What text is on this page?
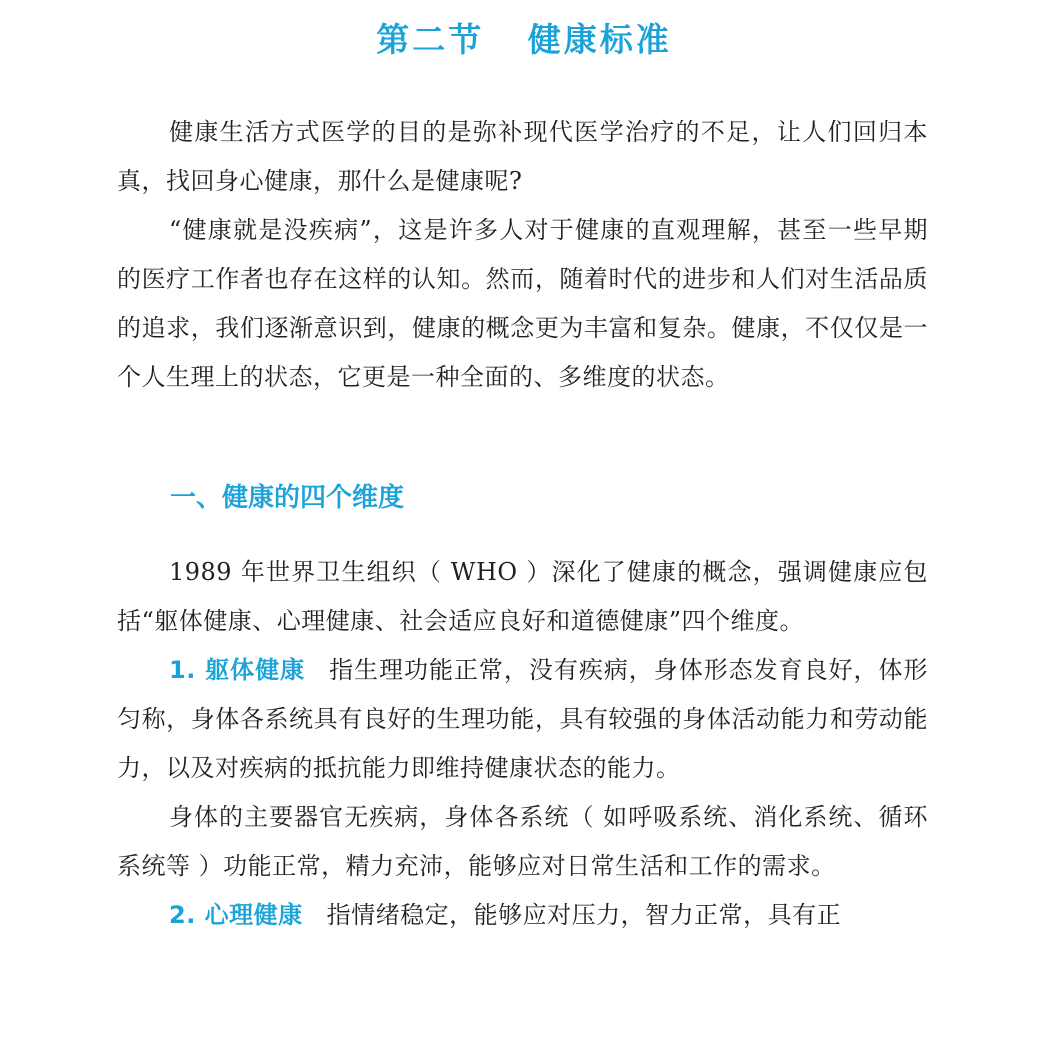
第二节   健康标准

健康生活方式医学的目的是弥补现代医学治疗的不足，让人们回归本真，找回身心健康，那什么是健康呢?

“健康就是没疾病”，这是许多人对于健康的直观理解，甚至一些早期的医疗工作者也存在这样的认知。然而，随着时代的进步和人们对生活品质的追求，我们逐渐意识到，健康的概念更为丰富和复杂。健康，不仅仅是一个人生理上的状态，它更是一种全面的、多维度的状态。

一、健康的四个维度

1989 年世界卫生组织（ WHO ）深化了健康的概念，强调健康应包括“躯体健康、心理健康、社会适应良好和道德健康”四个维度。

1. 躯体健康 指生理功能正常，没有疾病，身体形态发育良好，体形匀称，身体各系统具有良好的生理功能，具有较强的身体活动能力和劳动能力，以及对疾病的抵抗能力即维持健康状态的能力。

身体的主要器官无疾病，身体各系统（ 如呼吸系统、消化系统、循环系统等 ）功能正常，精力充沛，能够应对日常生活和工作的需求。

2. 心理健康 指情绪稳定，能够应对压力，智力正常，具有正
